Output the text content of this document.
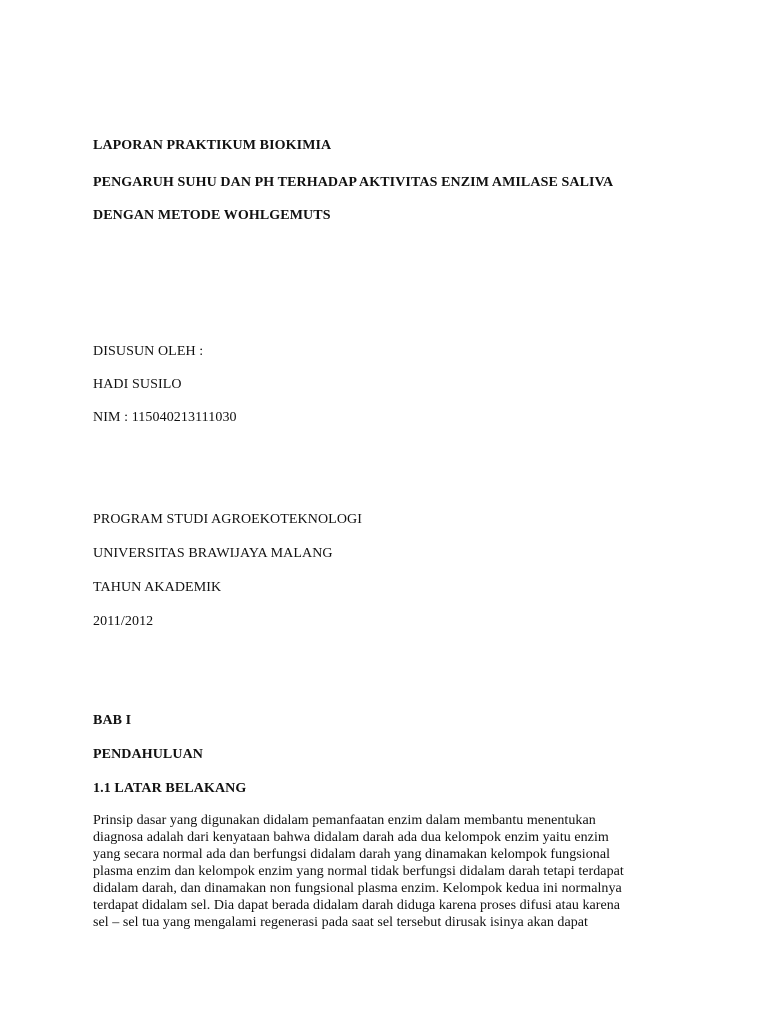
LAPORAN PRAKTIKUM BIOKIMIA
PENGARUH SUHU DAN PH TERHADAP AKTIVITAS ENZIM AMILASE SALIVA
DENGAN METODE WOHLGEMUTS
DISUSUN OLEH :
HADI SUSILO
NIM : 115040213111030
PROGRAM STUDI AGROEKOTEKNOLOGI
UNIVERSITAS BRAWIJAYA MALANG
TAHUN AKADEMIK
2011/2012
BAB I
PENDAHULUAN
1.1 LATAR BELAKANG
Prinsip dasar yang digunakan didalam pemanfaatan enzim dalam membantu menentukan
diagnosa adalah dari kenyataan bahwa didalam darah ada dua kelompok enzim yaitu enzim
yang secara normal ada dan berfungsi didalam darah yang dinamakan kelompok fungsional
plasma enzim dan kelompok enzim yang normal tidak berfungsi didalam darah tetapi terdapat
didalam darah, dan dinamakan non fungsional plasma enzim. Kelompok kedua ini normalnya
terdapat didalam sel. Dia dapat berada didalam darah diduga karena proses difusi atau karena
sel – sel tua yang mengalami regenerasi pada saat sel tersebut dirusak isinya akan dapat
